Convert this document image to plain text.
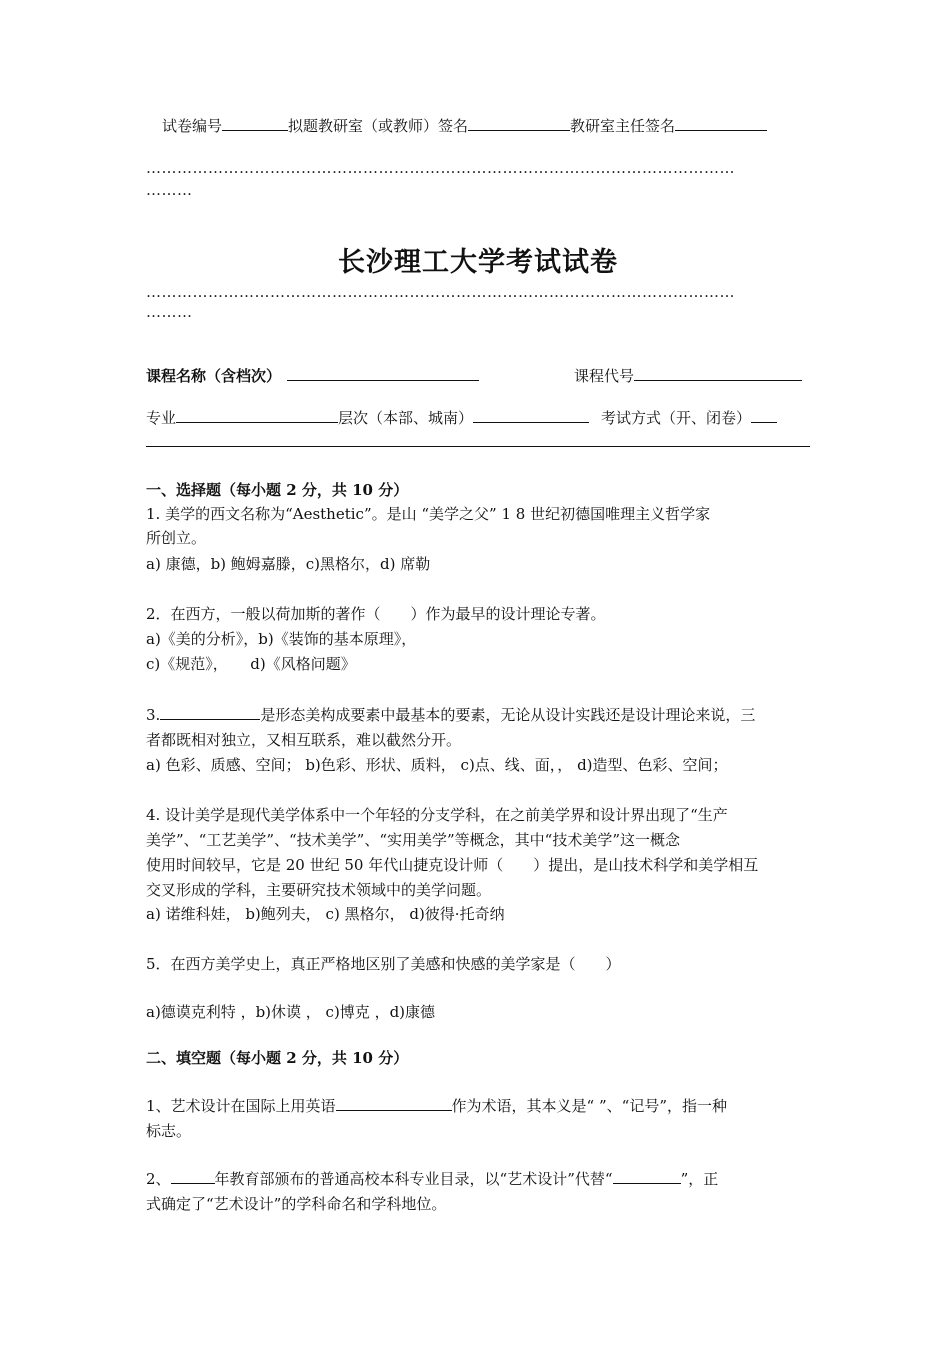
试卷编号	拟题教研室（或教师）签名	教研室主任签名
……………………………………………………………………………………………………
………
长沙理工大学考试试卷
……………………………………………………………………………………………………
………
课程名称（含档次）	课程代号
专业	层次（本部、城南）	考试方式（开、闭卷）
一、选择题（每小题 2 分，共 10 分）
1. 美学的西文名称为“Aesthetic”。是山 “美学之父” 1 8 世纪初德国唯理主义哲学家
所创立。
a) 康德，b) 鲍姆嘉滕，c)黑格尔，d) 席勒
2．在西方，一般以荷加斯的著作（　　）作为最早的设计理论专著。
a)《美的分析》，b)《装饰的基本原理》，
c)《规范》，　　d)《风格问题》
3.	是形态美构成要素中最基本的要素，无论从设计实践还是设计理论来说，三
者都既相对独立，又相互联系，难以截然分开。
a) 色彩、质感、空间； b)色彩、形状、质料， c)点、线、面，， d)造型、色彩、空间；
4. 设计美学是现代美学体系中一个年轻的分支学科，在之前美学界和设计界出现了“生产
美学”、“工艺美学”、“技术美学”、“实用美学”等概念，其中“技术美学”这一概念
使用时间较早，它是 20 世纪 50 年代山捷克设计师（　　）提出，是山技术科学和美学相互
交叉形成的学科，主要研究技术领域中的美学问题。
a) 诺维科娃， b)鲍列夫， c) 黑格尔， d)彼得·托奇纳
5．在西方美学史上，真正严格地区别了美感和快感的美学家是（　　）
a)德谟克利特 ，b)休谟 ， c)博克 ，d)康德
二、填空题（每小题 2 分，共 10 分）
1、艺术设计在国际上用英语	作为术语，其本义是“ ”、“记号”，指一种
标志。
2、	年教育部颁布的普通高校本科专业目录，以“艺术设计”代替“	”，正
式确定了“艺术设计”的学科命名和学科地位。
